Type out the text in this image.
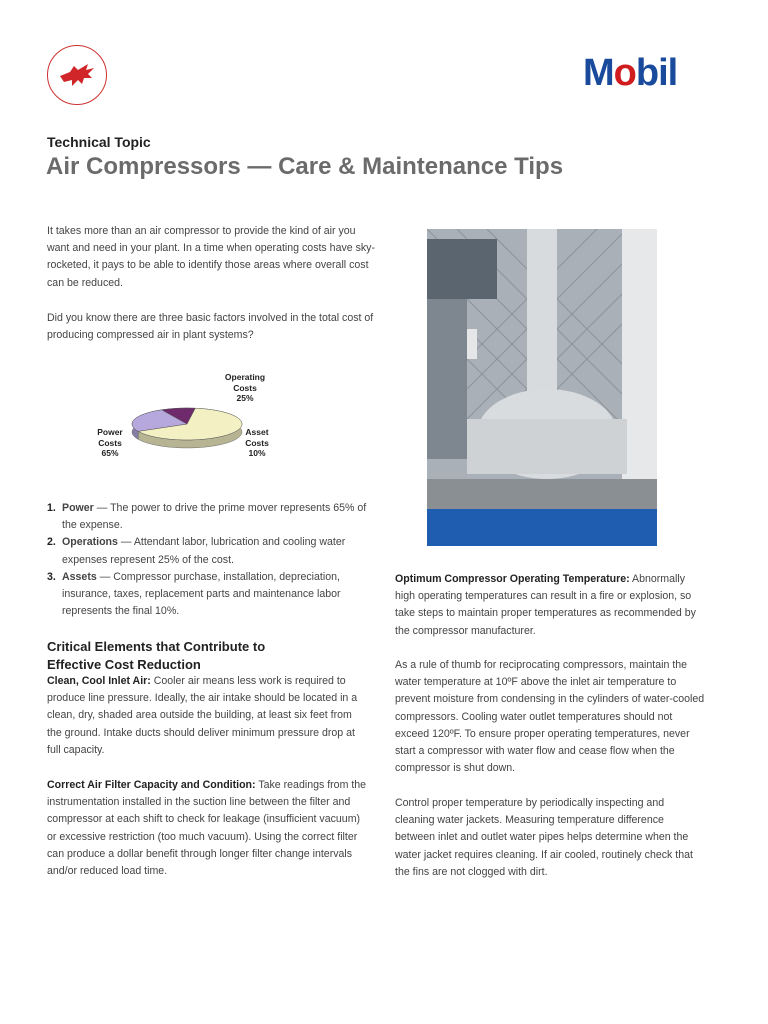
Mobil
Technical Topic
Air Compressors — Care & Maintenance Tips
It takes more than an air compressor to provide the kind of air you want and need in your plant. In a time when operating costs have sky-rocketed, it pays to be able to identify those areas where overall cost can be reduced.
Did you know there are three basic factors involved in the total cost of producing compressed air in plant systems?
Operating
Costs
25%
Power
Costs
65%
Asset
Costs
10%
1. Power — The power to drive the prime mover represents 65% of the expense.
2. Operations — Attendant labor, lubrication and cooling water expenses represent 25% of the cost.
3. Assets — Compressor purchase, installation, depreciation, insurance, taxes, replacement parts and maintenance labor represents the final 10%.
Critical Elements that Contribute to
Effective Cost Reduction
Clean, Cool Inlet Air: Cooler air means less work is required to produce line pressure. Ideally, the air intake should be located in a clean, dry, shaded area outside the building, at least six feet from the ground. Intake ducts should deliver minimum pressure drop at full capacity.
Correct Air Filter Capacity and Condition: Take readings from the instrumentation installed in the suction line between the filter and compressor at each shift to check for leakage (insufficient vacuum) or excessive restriction (too much vacuum). Using the correct filter can produce a dollar benefit through longer filter change intervals and/or reduced load time.
Optimum Compressor Operating Temperature: Abnormally high operating temperatures can result in a fire or explosion, so take steps to maintain proper temperatures as recommended by the compressor manufacturer.
As a rule of thumb for reciprocating compressors, maintain the water temperature at 10ºF above the inlet air temperature to prevent moisture from condensing in the cylinders of water-cooled compressors. Cooling water outlet temperatures should not exceed 120ºF. To ensure proper operating temperatures, never start a compressor with water flow and cease flow when the compressor is shut down.
Control proper temperature by periodically inspecting and cleaning water jackets. Measuring temperature difference between inlet and outlet water pipes helps determine when the water jacket requires cleaning. If air cooled, routinely check that the fins are not clogged with dirt.
